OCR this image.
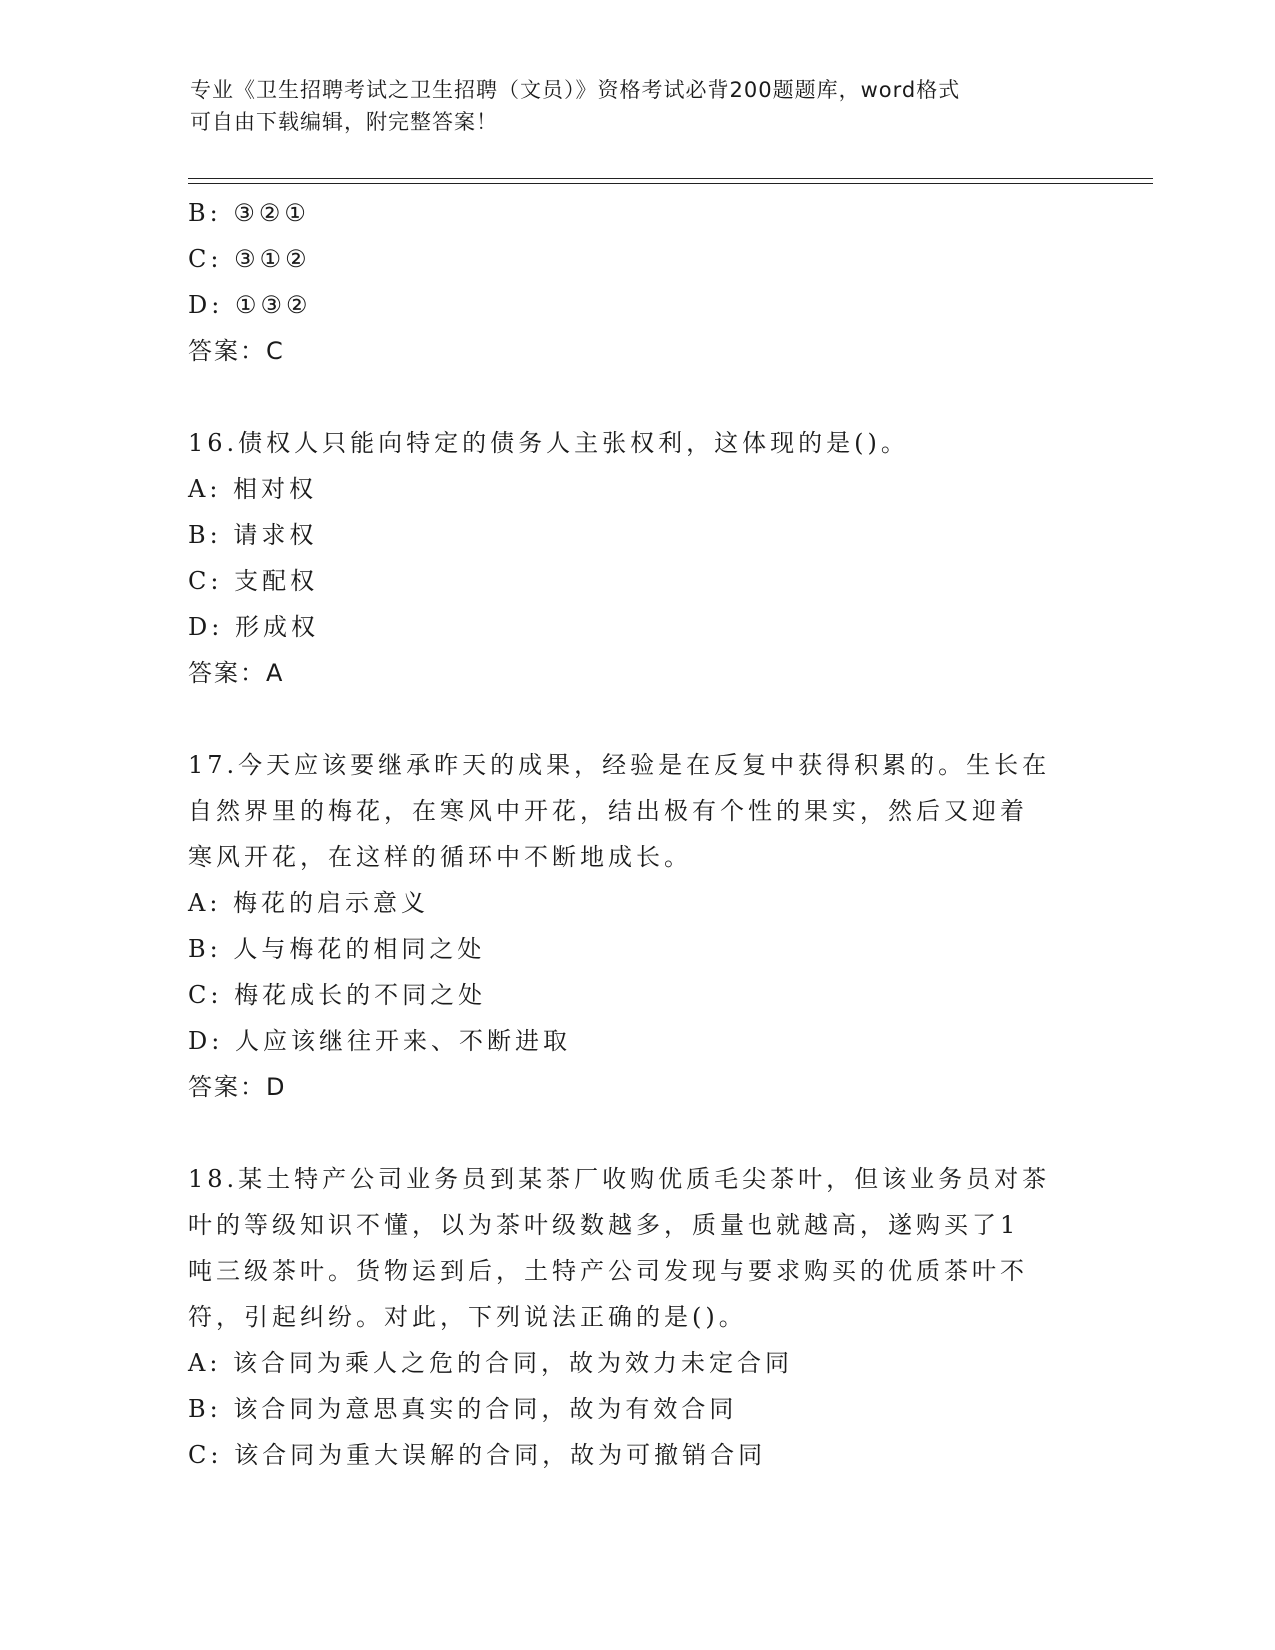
专业《卫生招聘考试之卫生招聘（文员）》资格考试必背200题题库，word格式
可自由下载编辑，附完整答案！
B: ③②①
C: ③①②
D: ①③②
答案：C
16.债权人只能向特定的债务人主张权利，这体现的是()。
A: 相对权
B: 请求权
C: 支配权
D: 形成权
答案：A
17.今天应该要继承昨天的成果，经验是在反复中获得积累的。生长在
自然界里的梅花，在寒风中开花，结出极有个性的果实，然后又迎着
寒风开花，在这样的循环中不断地成长。
A: 梅花的启示意义
B: 人与梅花的相同之处
C: 梅花成长的不同之处
D: 人应该继往开来、不断进取
答案：D
18.某土特产公司业务员到某茶厂收购优质毛尖茶叶，但该业务员对茶
叶的等级知识不懂，以为茶叶级数越多，质量也就越高，遂购买了1
吨三级茶叶。货物运到后，土特产公司发现与要求购买的优质茶叶不
符，引起纠纷。对此，下列说法正确的是()。
A: 该合同为乘人之危的合同，故为效力未定合同
B: 该合同为意思真实的合同，故为有效合同
C: 该合同为重大误解的合同，故为可撤销合同
